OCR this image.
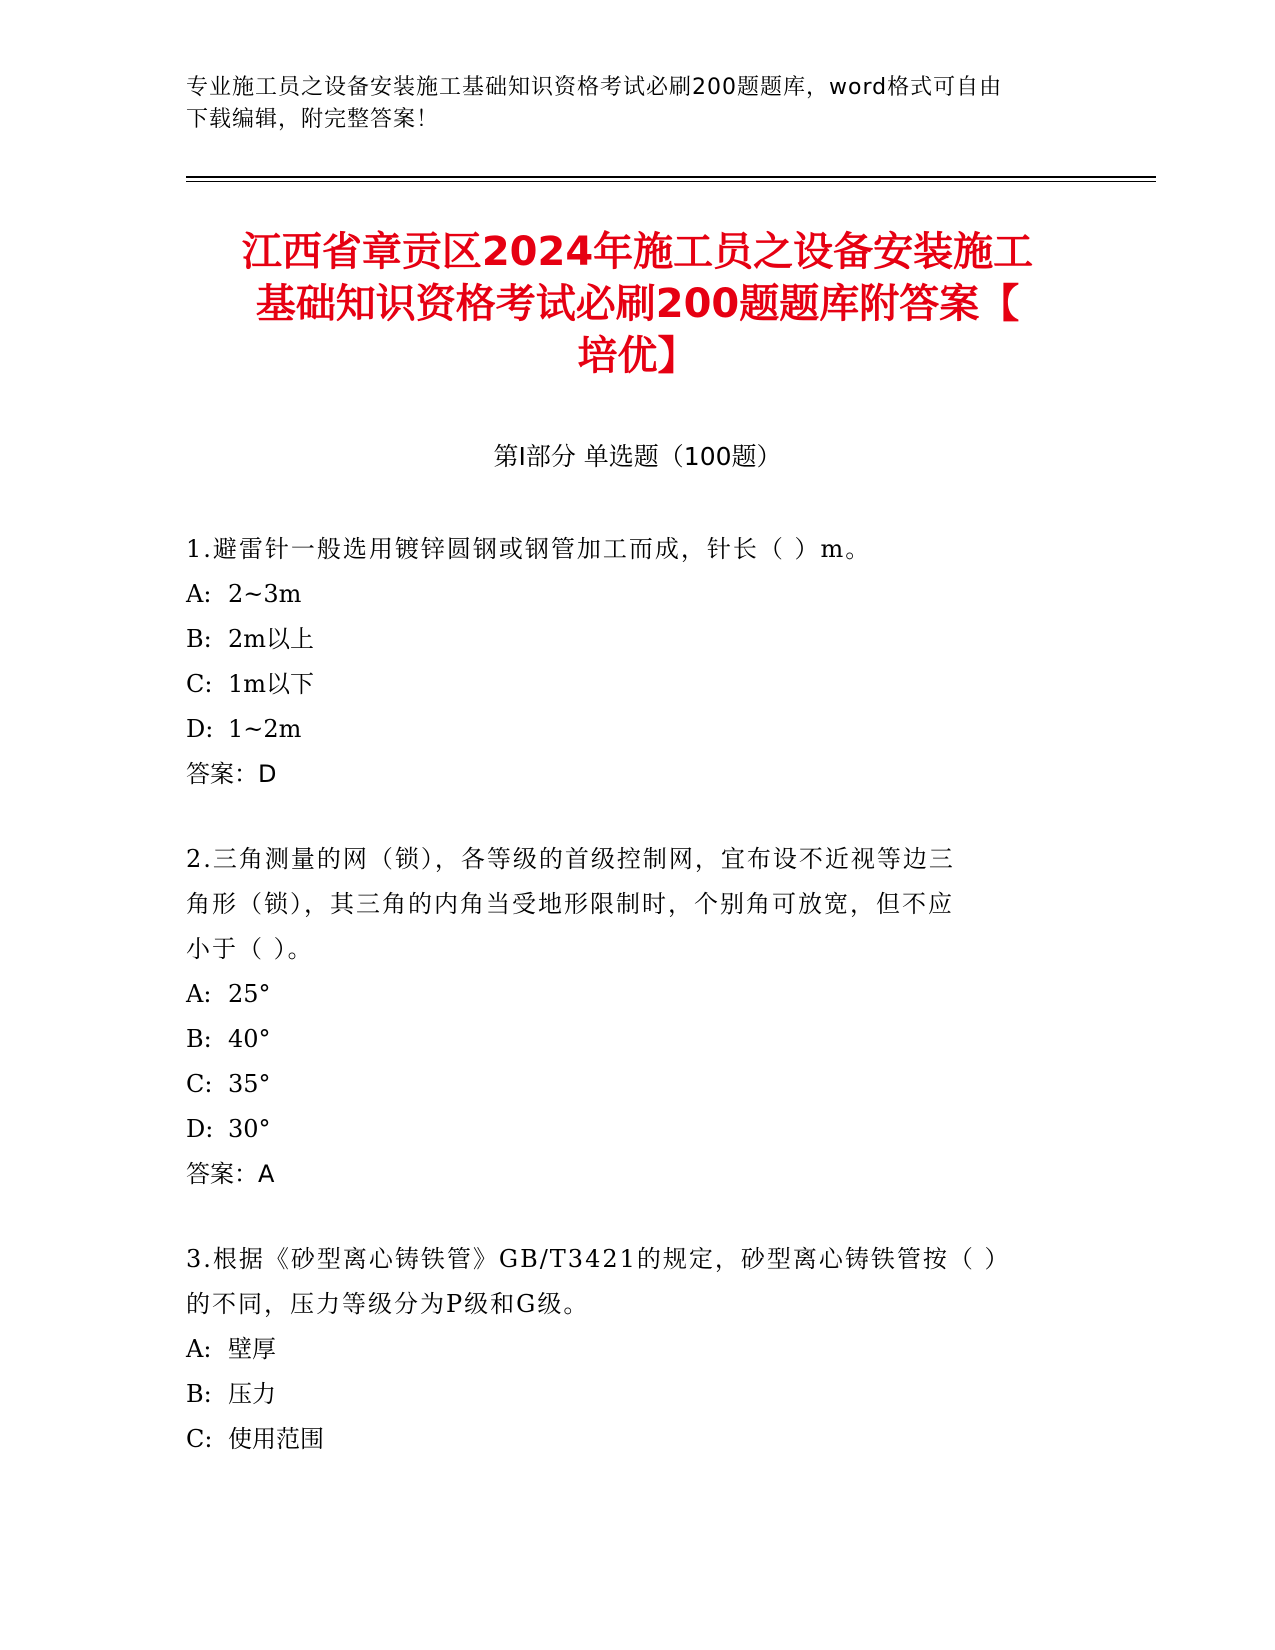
专业施工员之设备安装施工基础知识资格考试必刷200题题库，word格式可自由
下载编辑，附完整答案！
江西省章贡区2024年施工员之设备安装施工
基础知识资格考试必刷200题题库附答案【
培优】
第Ⅰ部分 单选题（100题）
1.避雷针一般选用镀锌圆钢或钢管加工而成，针长（ ）m。
A: 2~3m
B: 2m以上
C: 1m以下
D: 1~2m
答案：D
2.三角测量的网（锁），各等级的首级控制网，宜布设不近视等边三
角形（锁），其三角的内角当受地形限制时，个别角可放宽，但不应
小于（ ）。
A: 25°
B: 40°
C: 35°
D: 30°
答案：A
3.根据《砂型离心铸铁管》GB/T3421的规定，砂型离心铸铁管按（ ）
的不同，压力等级分为P级和G级。
A: 壁厚
B: 压力
C: 使用范围
